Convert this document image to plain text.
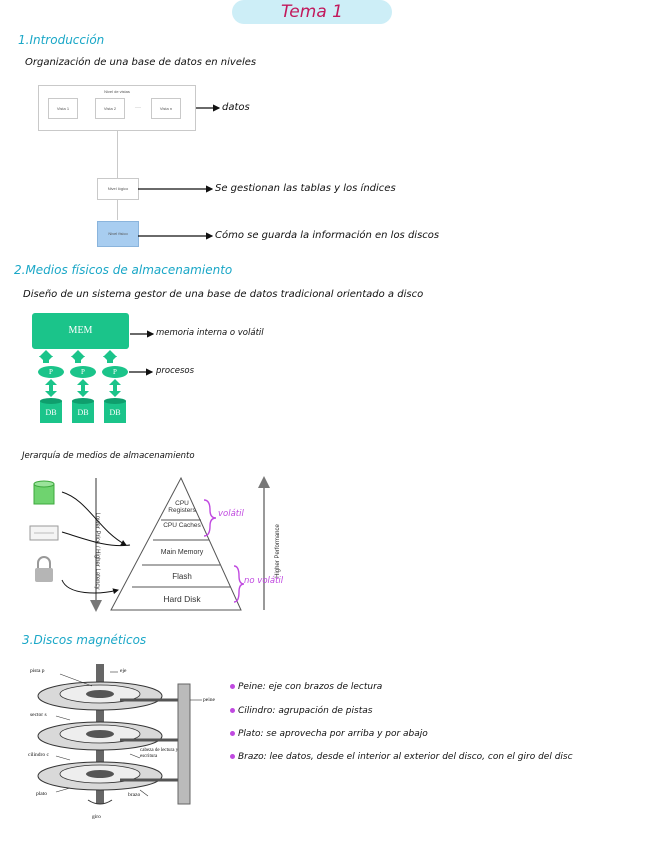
Tema 1
1.Introducción
Organización de una base de datos en niveles
Nivel de vistas
Vista 1	Vista 2	......	Vista n
Nivel lógico
Nivel físico
datos
Se gestionan las tablas y los índices
Cómo se guarda la información en los discos
2.Medios físicos de almacenamiento
Diseño de un sistema gestor de una base de datos tradicional orientado a disco
MEM
P	P	P
DB	DB	DB
memoria interna o volátil
procesos
Jerarquía de medios de almacenamiento
CPU Registers
CPU Caches
Main Memory
Flash
Hard Disk
Lower Price / Higher Latency	Higher Performance
volátil
no volátil
3.Discos magnéticos
pista p	eje
peine
sector s
cilindro c
cabeza de lectura y escritura
plato	brazo
giro
Peine: eje con brazos de lectura
Cilindro: agrupación de pistas
Plato: se aprovecha por arriba y por abajo
Brazo: lee datos, desde el interior al exterior del disco, con el giro del disc
